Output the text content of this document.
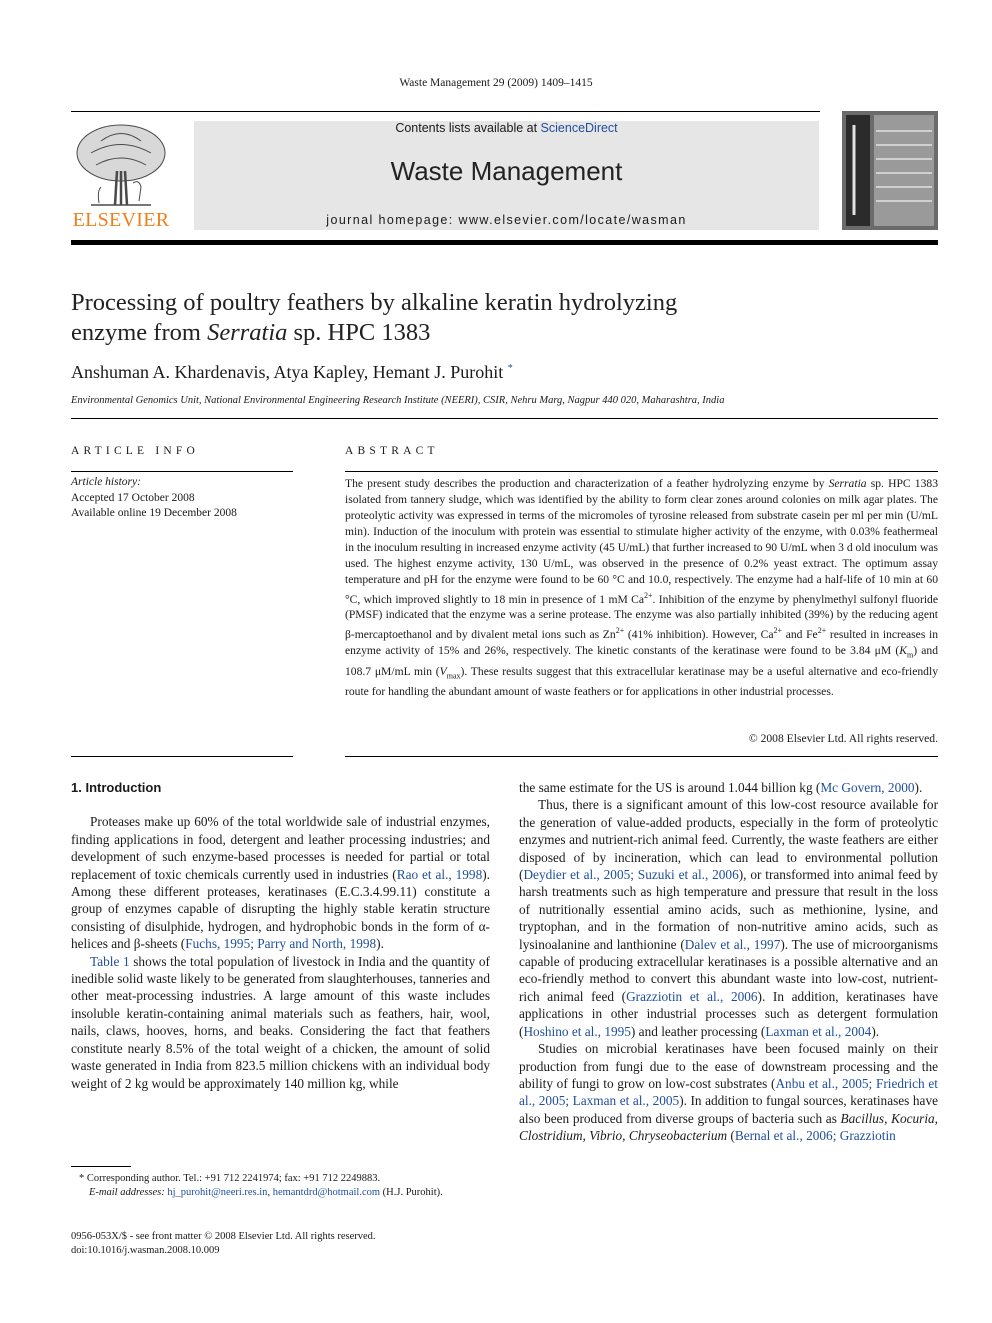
Waste Management 29 (2009) 1409–1415
ELSEVIER
Contents lists available at ScienceDirect
Waste Management
journal homepage: www.elsevier.com/locate/wasman
Processing of poultry feathers by alkaline keratin hydrolyzing
enzyme from Serratia sp. HPC 1383
Anshuman A. Khardenavis, Atya Kapley, Hemant J. Purohit *
Environmental Genomics Unit, National Environmental Engineering Research Institute (NEERI), CSIR, Nehru Marg, Nagpur 440 020, Maharashtra, India
ARTICLE INFO	ABSTRACT
Article history:
Accepted 17 October 2008
Available online 19 December 2008
The present study describes the production and characterization of a feather hydrolyzing enzyme by Serratia sp. HPC 1383 isolated from tannery sludge, which was identified by the ability to form clear zones around colonies on milk agar plates. The proteolytic activity was expressed in terms of the micromoles of tyrosine released from substrate casein per ml per min (U/mL min). Induction of the inoculum with protein was essential to stimulate higher activity of the enzyme, with 0.03% feathermeal in the inoculum resulting in increased enzyme activity (45 U/mL) that further increased to 90 U/mL when 3 d old inoculum was used. The highest enzyme activity, 130 U/mL, was observed in the presence of 0.2% yeast extract. The optimum assay temperature and pH for the enzyme were found to be 60 °C and 10.0, respectively. The enzyme had a half-life of 10 min at 60 °C, which improved slightly to 18 min in presence of 1 mM $Ca^{2+}$. Inhibition of the enzyme by phenylmethyl sulfonyl fluoride (PMSF) indicated that the enzyme was a serine protease. The enzyme was also partially inhibited (39%) by the reducing agent β-mercaptoethanol and by divalent metal ions such as $Zn^{2+}$ (41% inhibition). However, $Ca^{2+}$ and $Fe^{2+}$ resulted in increases in enzyme activity of 15% and 26%, respectively. The kinetic constants of the keratinase were found to be 3.84 μM $(K_m)$ and 108.7 μM/mL $\min (V_{max})$. These results suggest that this extracellular keratinase may be a useful alternative and eco-friendly route for handling the abundant amount of waste feathers or for applications in other industrial processes.
© 2008 Elsevier Ltd. All rights reserved.

1. Introduction

Proteases make up 60% of the total worldwide sale of industrial enzymes, finding applications in food, detergent and leather processing industries; and development of such enzyme-based processes is needed for partial or total replacement of toxic chemicals currently used in industries (Rao et al., 1998). Among these different proteases, keratinases (E.C.3.4.99.11) constitute a group of enzymes capable of disrupting the highly stable keratin structure consisting of disulphide, hydrogen, and hydrophobic bonds in the form of α-helices and β-sheets (Fuchs, 1995; Parry and North, 1998).

Table 1 shows the total population of livestock in India and the quantity of inedible solid waste likely to be generated from slaughterhouses, tanneries and other meat-processing industries. A large amount of this waste includes insoluble keratin-containing animal materials such as feathers, hair, wool, nails, claws, hooves, horns, and beaks. Considering the fact that feathers constitute nearly 8.5% of the total weight of a chicken, the amount of solid waste generated in India from 823.5 million chickens with an individual body weight of 2 kg would be approximately 140 million kg, while

the same estimate for the US is around 1.044 billion kg (Mc Govern, 2000).

Thus, there is a significant amount of this low-cost resource available for the generation of value-added products, especially in the form of proteolytic enzymes and nutrient-rich animal feed. Currently, the waste feathers are either disposed of by incineration, which can lead to environmental pollution (Deydier et al., 2005; Suzuki et al., 2006), or transformed into animal feed by harsh treatments such as high temperature and pressure that result in the loss of nutritionally essential amino acids, such as methionine, lysine, and tryptophan, and in the formation of non-nutritive amino acids, such as lysinoalanine and lanthionine (Dalev et al., 1997). The use of microorganisms capable of producing extracellular keratinases is a possible alternative and an eco-friendly method to convert this abundant waste into low-cost, nutrient-rich animal feed (Grazziotin et al., 2006). In addition, keratinases have applications in other industrial processes such as detergent formulation (Hoshino et al., 1995) and leather processing (Laxman et al., 2004).

Studies on microbial keratinases have been focused mainly on their production from fungi due to the ease of downstream processing and the ability of fungi to grow on low-cost substrates (Anbu et al., 2005; Friedrich et al., 2005; Laxman et al., 2005). In addition to fungal sources, keratinases have also been produced from diverse groups of bacteria such as Bacillus, Kocuria, Clostridium, Vibrio, Chryseobacterium (Bernal et al., 2006; Grazziotin

* Corresponding author. Tel.: +91 712 2241974; fax: +91 712 2249883.
E-mail addresses: hj_purohit@neeri.res.in, hemantdrd@hotmail.com (H.J. Purohit).
0956-053X/$ - see front matter © 2008 Elsevier Ltd. All rights reserved.
doi:10.1016/j.wasman.2008.10.009
